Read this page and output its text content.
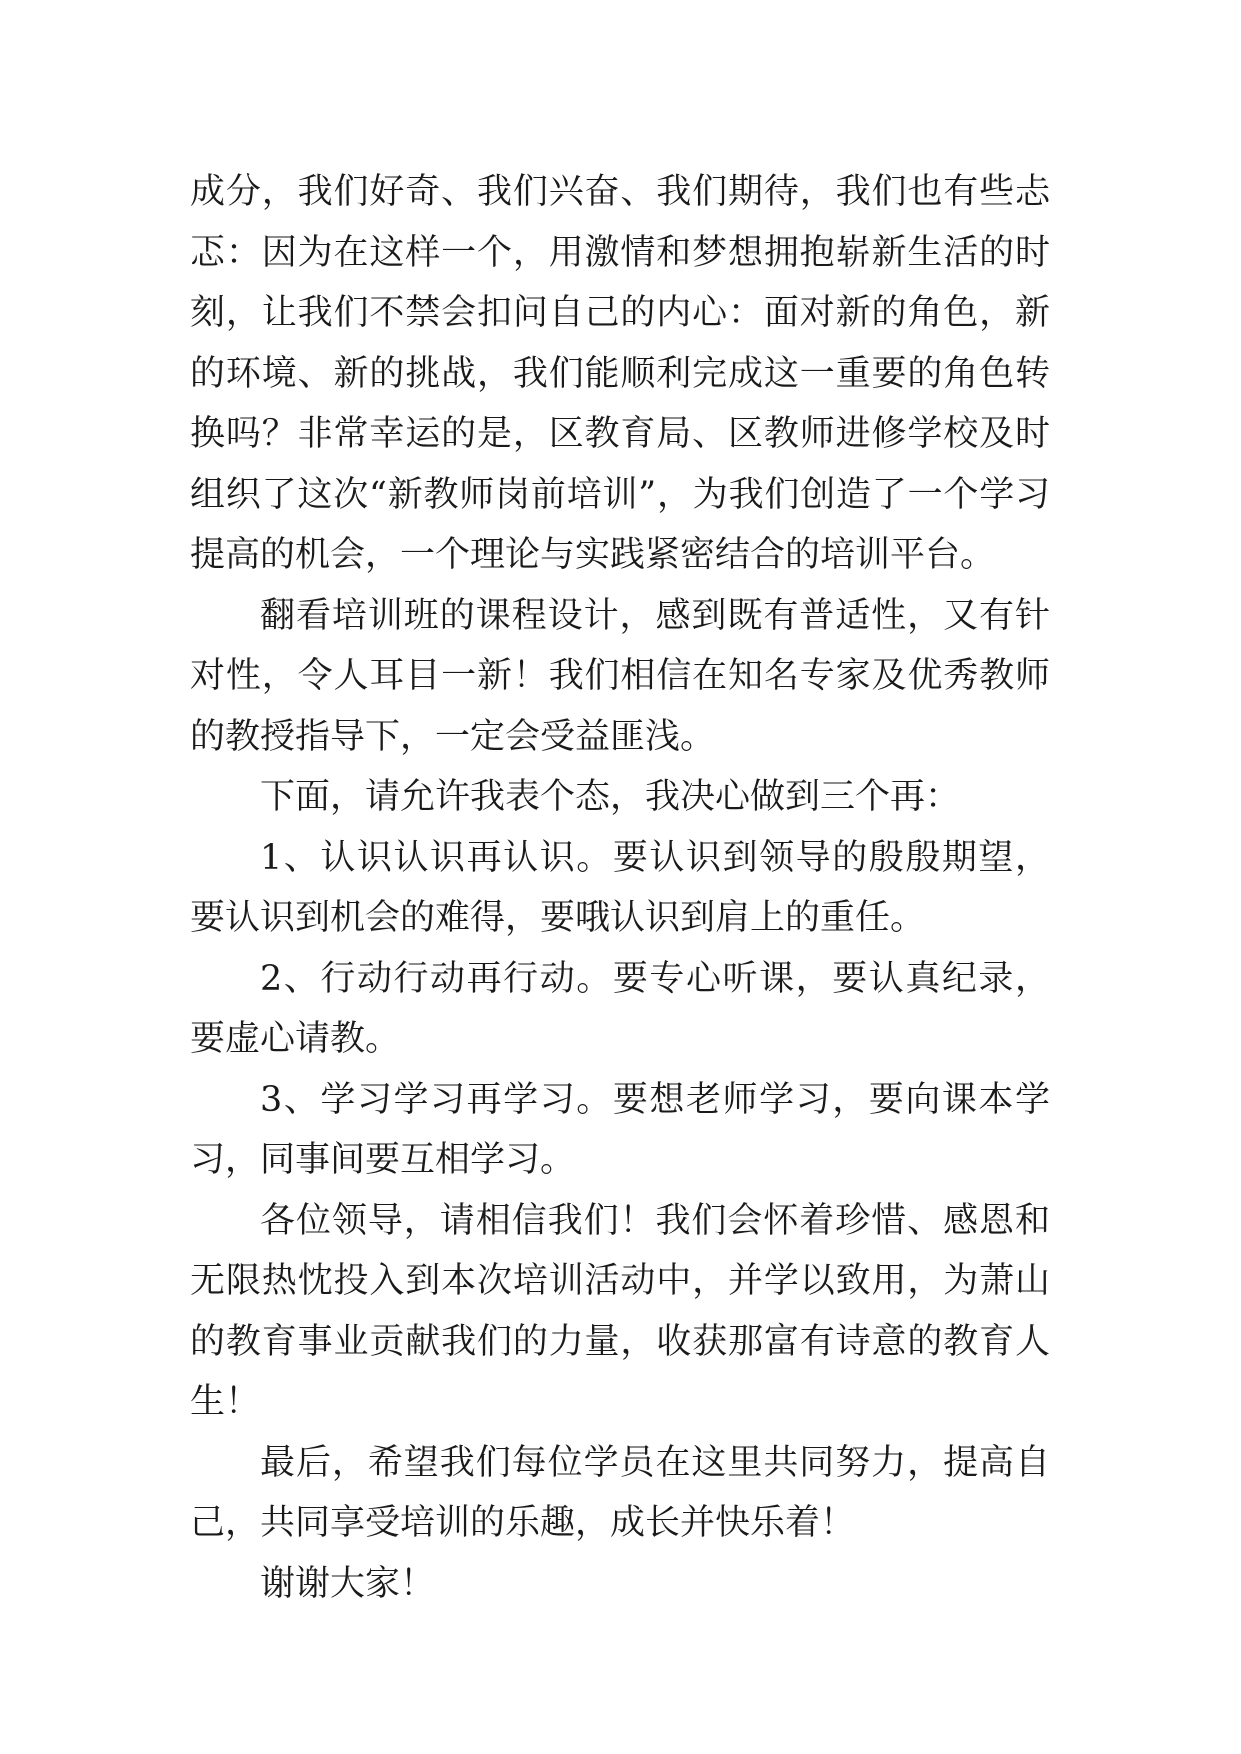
成分，我们好奇、我们兴奋、我们期待，我们也有些忐忑：因为在这样一个，用激情和梦想拥抱崭新生活的时刻，让我们不禁会扣问自己的内心：面对新的角色，新的环境、新的挑战，我们能顺利完成这一重要的角色转换吗？非常幸运的是，区教育局、区教师进修学校及时组织了这次“新教师岗前培训”，为我们创造了一个学习提高的机会，一个理论与实践紧密结合的培训平台。

翻看培训班的课程设计，感到既有普适性，又有针对性，令人耳目一新！我们相信在知名专家及优秀教师的教授指导下，一定会受益匪浅。

下面，请允许我表个态，我决心做到三个再：

1、认识认识再认识。要认识到领导的殷殷期望，要认识到机会的难得，要哦认识到肩上的重任。

2、行动行动再行动。要专心听课，要认真纪录，要虚心请教。

3、学习学习再学习。要想老师学习，要向课本学习，同事间要互相学习。

各位领导，请相信我们！我们会怀着珍惜、感恩和无限热忱投入到本次培训活动中，并学以致用，为萧山的教育事业贡献我们的力量，收获那富有诗意的教育人生！

最后，希望我们每位学员在这里共同努力，提高自己，共同享受培训的乐趣，成长并快乐着！

谢谢大家！
